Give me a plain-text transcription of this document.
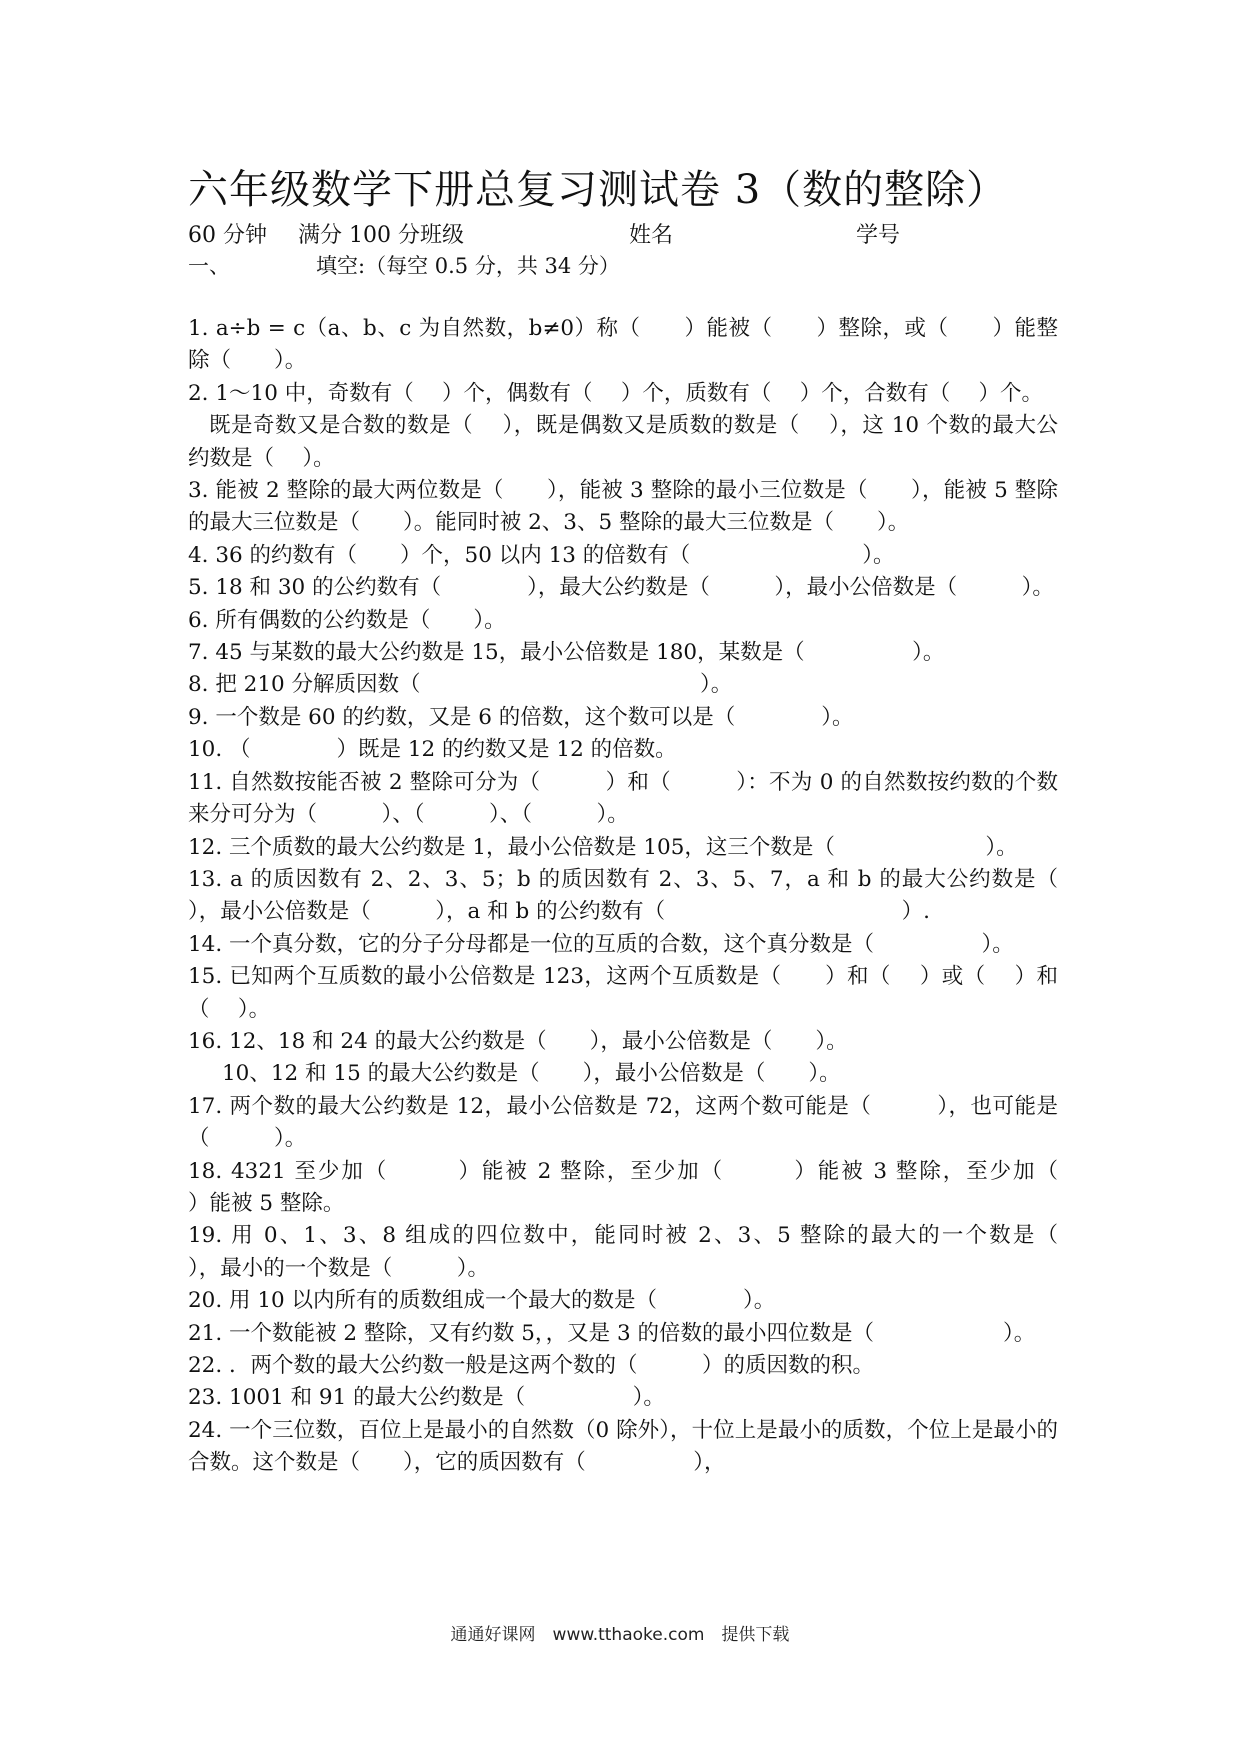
六年级数学下册总复习测试卷 3（数的整除）
60 分钟 满分 100 分班级	姓名	学号
一、	填空:（每空 0.5 分，共 34 分）

1. a÷b = c（a、b、c 为自然数，b≠0）称（　　）能被（　　）整除，或（　　）能整除（　　）。

2. 1～10 中，奇数有（　 ）个，偶数有（　 ）个，质数有（　 ）个，合数有（　 ）个。

既是奇数又是合数的数是（　 ），既是偶数又是质数的数是（　 ），这 10 个数的最大公约数是（　 ）。

3. 能被 2 整除的最大两位数是（　　），能被 3 整除的最小三位数是（　　），能被 5 整除的最大三位数是（　　）。能同时被 2、3、5 整除的最大三位数是（　　）。

4. 36 的约数有（　　）个，50 以内 13 的倍数有（　　　　　　　　）。

5. 18 和 30 的公约数有（　　　　），最大公约数是（　　　），最小公倍数是（　　　）。

6. 所有偶数的公约数是（　　）。

7. 45 与某数的最大公约数是 15，最小公倍数是 180，某数是（　　　　　）。

8. 把 210 分解质因数（　　　　　　　　　　　　　）。

9. 一个数是 60 的约数，又是 6 的倍数，这个数可以是（　　　　）。

10. （　　　　）既是 12 的约数又是 12 的倍数。

11. 自然数按能否被 2 整除可分为（　　　）和（　　　）：不为 0 的自然数按约数的个数来分可分为（　　　）、（　　　）、（　　　）。

12. 三个质数的最大公约数是 1，最小公倍数是 105，这三个数是（　　　　　　　）。

13. a 的质因数有 2、2、3、5；b 的质因数有 2、3、5、7，a 和 b 的最大公约数是（　　　），最小公倍数是（　　　），a 和 b 的公约数有（　　　　　　　　　　　）.

14. 一个真分数，它的分子分母都是一位的互质的合数，这个真分数是（　　　　　）。

15. 已知两个互质数的最小公倍数是 123，这两个互质数是（　　）和（　 ）或（　 ）和（　 ）。

16. 12、18 和 24 的最大公约数是（　　），最小公倍数是（　　）。

10、12 和 15 的最大公约数是（　　），最小公倍数是（　　）。

17. 两个数的最大公约数是 12，最小公倍数是 72，这两个数可能是（　　　），也可能是（　　　）。

18. 4321 至少加（　　　）能被 2 整除，至少加（　　　）能被 3 整除，至少加（　　　）能被 5 整除。

19. 用 0、1、3、8 组成的四位数中，能同时被 2、3、5 整除的最大的一个数是（　　　），最小的一个数是（　　　）。

20. 用 10 以内所有的质数组成一个最大的数是（　　　　）。

21. 一个数能被 2 整除，又有约数 5，，又是 3 的倍数的最小四位数是（　　　　　　）。

22. ．两个数的最大公约数一般是这两个数的（　　　）的质因数的积。

23. 1001 和 91 的最大公约数是（　　　　　）。

24. 一个三位数，百位上是最小的自然数（0 除外），十位上是最小的质数，个位上是最小的合数。这个数是（　　），它的质因数有（　　　　　），

通通好课网　www.tthaoke.com　提供下载
